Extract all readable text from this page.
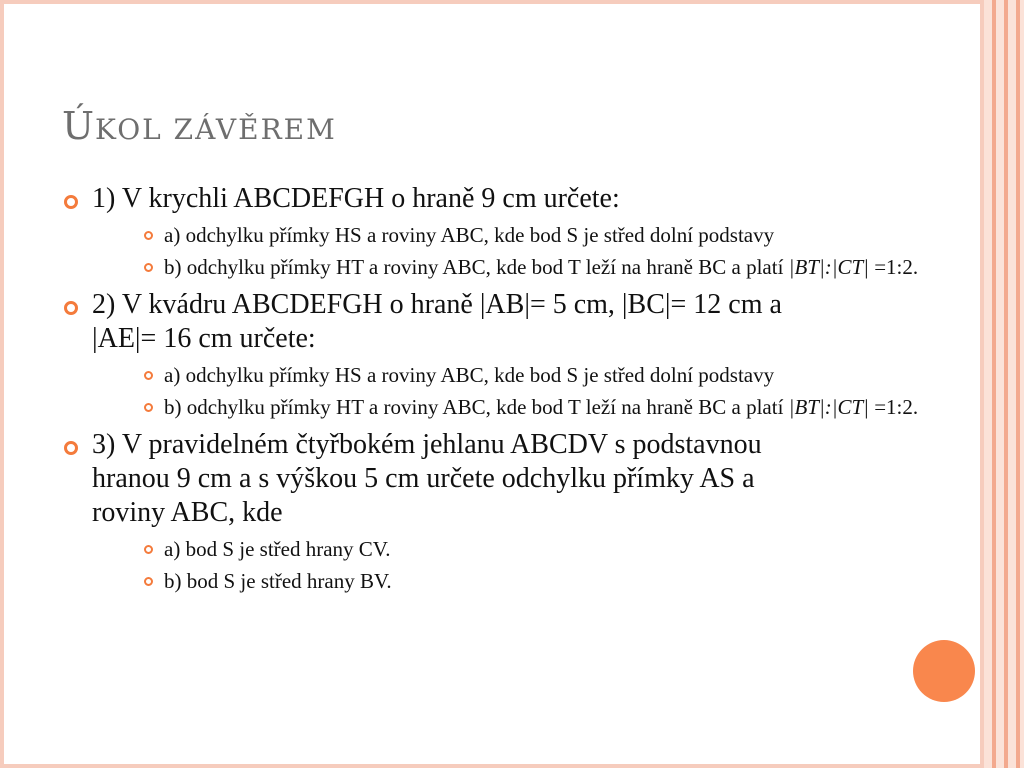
ÚKOL ZÁVĚREM
1) V krychli ABCDEFGH o hraně 9 cm určete:
a) odchylku přímky HS a roviny ABC, kde bod S je střed dolní podstavy
b) odchylku přímky HT a roviny ABC, kde bod T leží na hraně BC a platí |BT|:|CT| =1:2.
2) V kvádru ABCDEFGH o hraně |AB|= 5 cm, |BC|= 12 cm a |AE|= 16 cm určete:
a) odchylku přímky HS a roviny ABC, kde bod S je střed dolní podstavy
b) odchylku přímky HT a roviny ABC, kde bod T leží na hraně BC a platí |BT|:|CT| =1:2.
3) V pravidelném čtyřbokém jehlanu ABCDV s podstavnou hranou 9 cm a s výškou 5 cm určete odchylku přímky AS a roviny ABC, kde
a) bod S je střed hrany CV.
b) bod S je střed hrany BV.
